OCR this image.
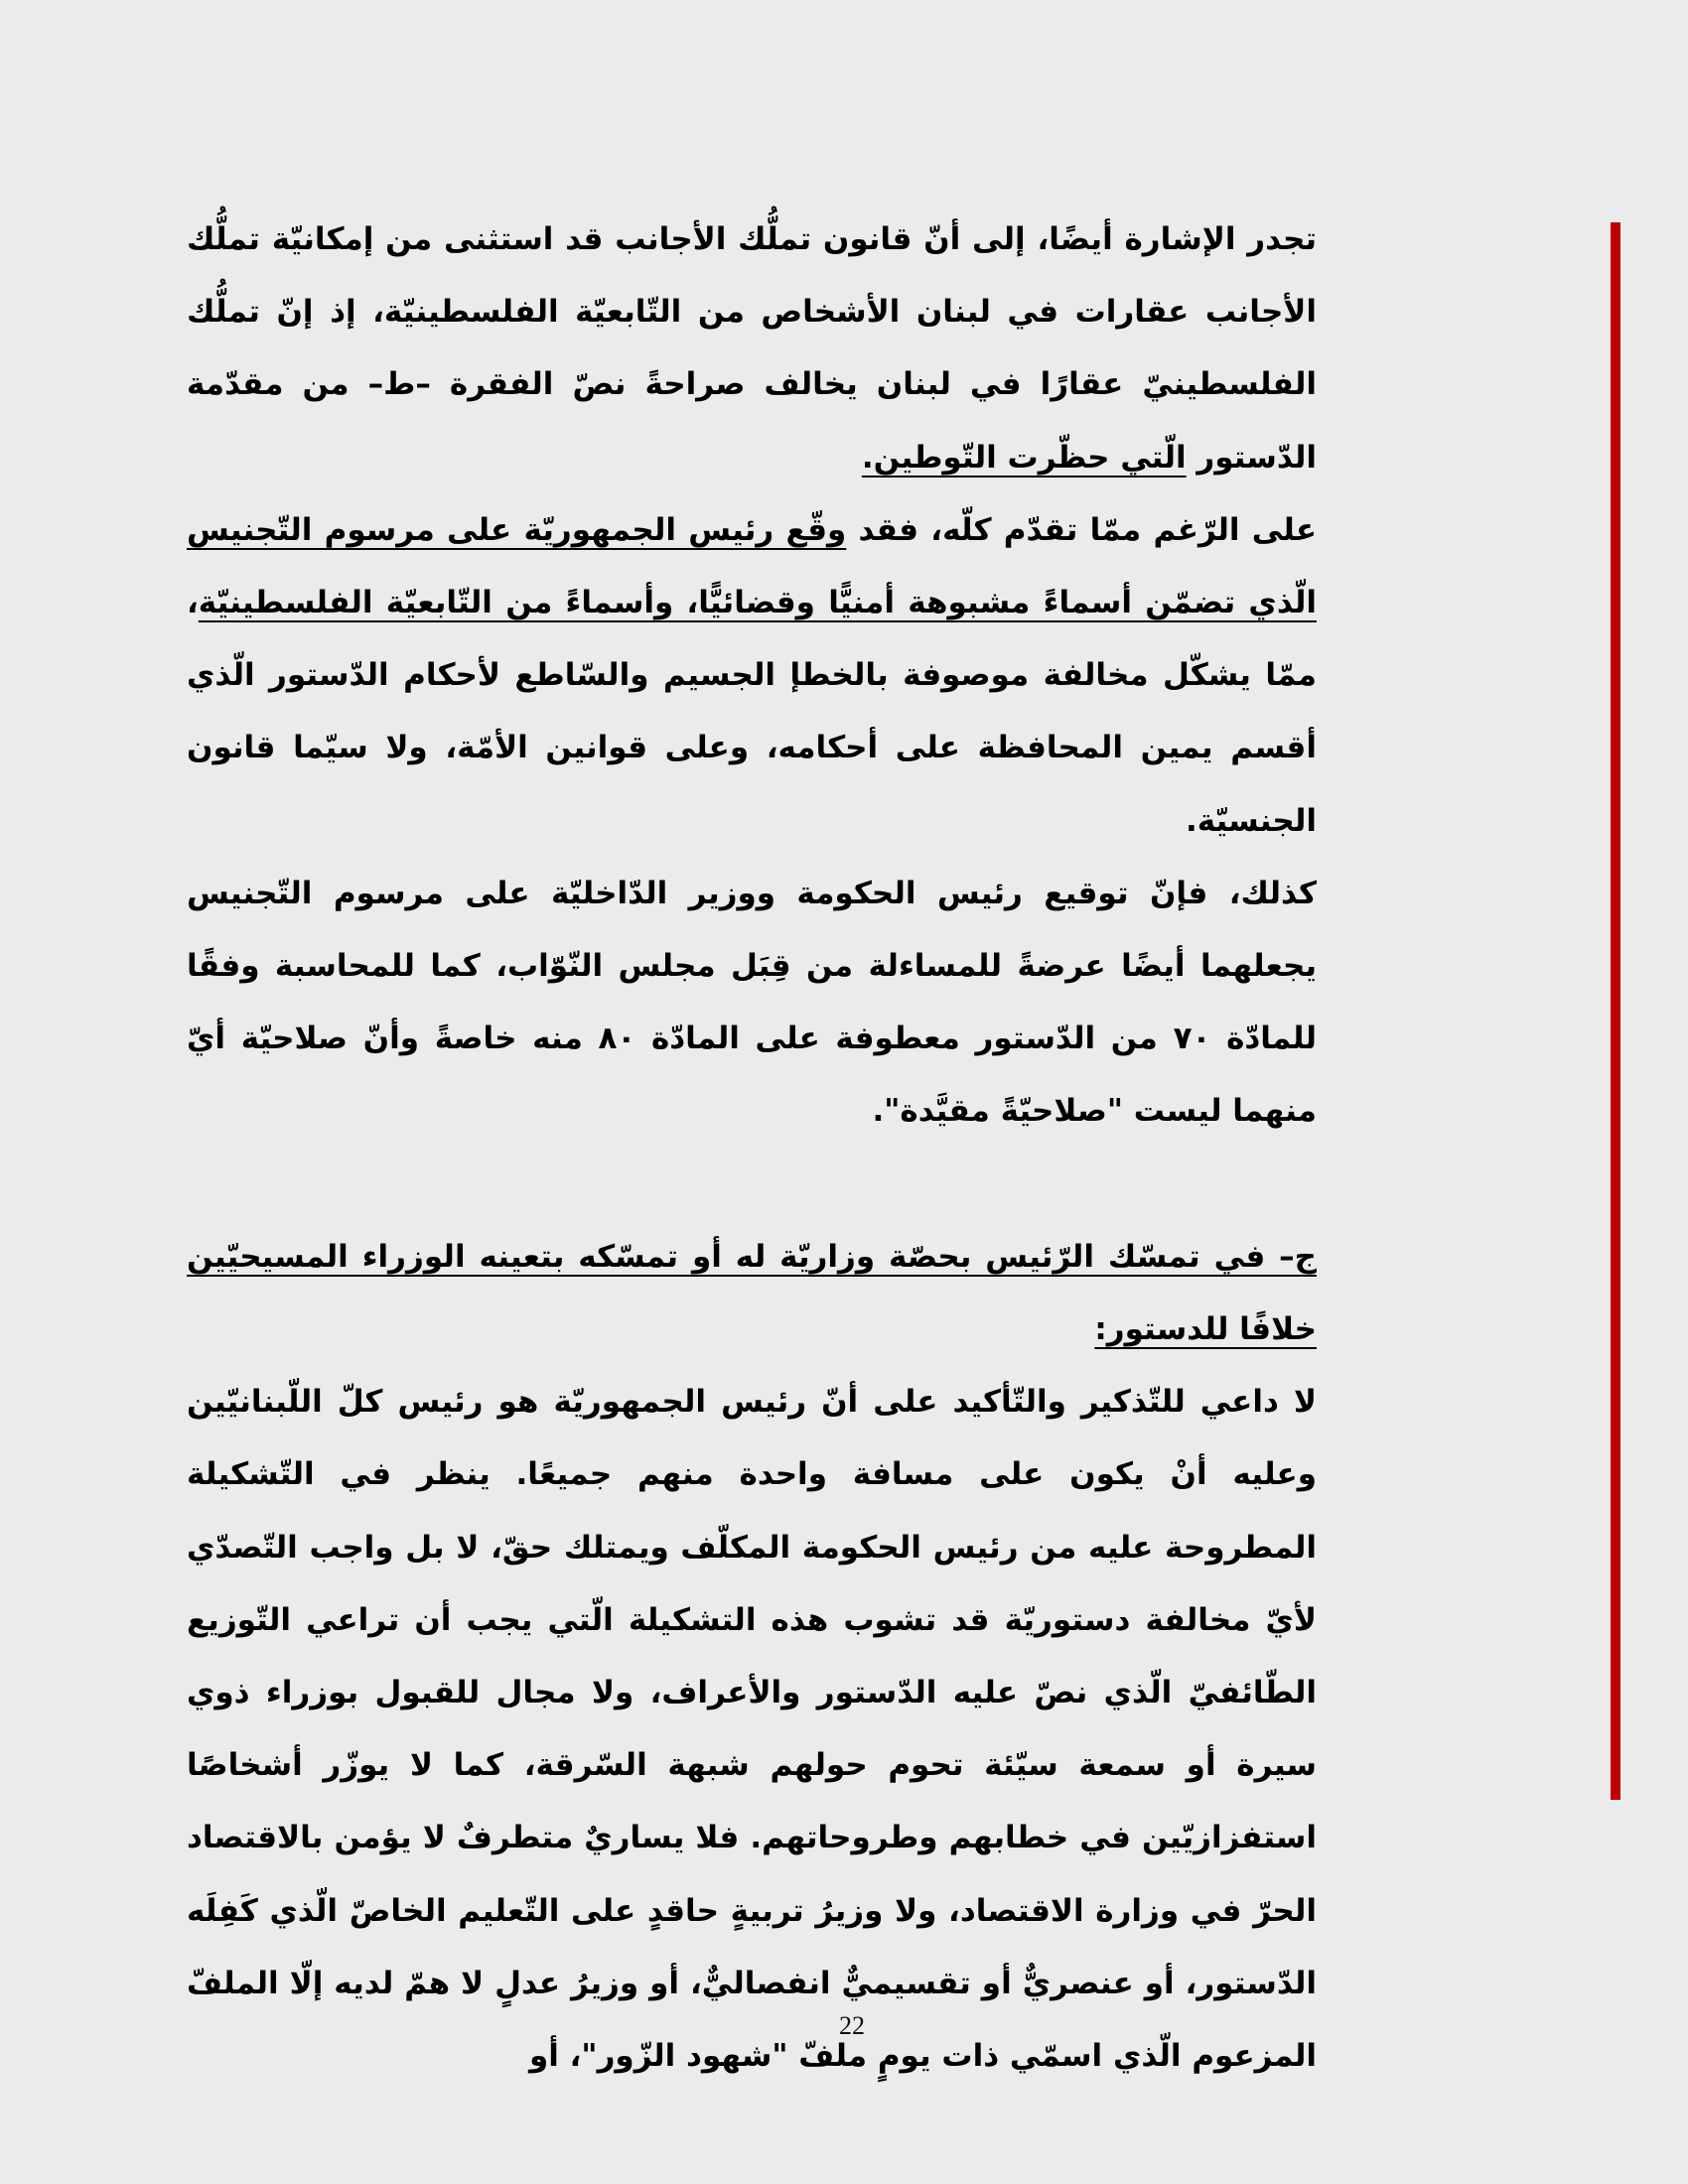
تجدر الإشارة أيضًا، إلى أنّ قانون تملُّك الأجانب قد استثنى من إمكانيّة تملُّك الأجانب عقارات في لبنان الأشخاص من التّابعيّة الفلسطينيّة، إذ إنّ تملُّك الفلسطينيّ عقارًا في لبنان يخالف صراحةً نصّ الفقرة –ط– من مقدّمة الدّستور الّتي حظّرت التّوطين.

على الرّغم ممّا تقدّم كلّه، فقد وقّع رئيس الجمهوريّة على مرسوم التّجنيس الّذي تضمّن أسماءً مشبوهة أمنيًّا وقضائيًّا، وأسماءً من التّابعيّة الفلسطينيّة، ممّا يشكّل مخالفة موصوفة بالخطإ الجسيم والسّاطع لأحكام الدّستور الّذي أقسم يمين المحافظة على أحكامه، وعلى قوانين الأمّة، ولا سيّما قانون الجنسيّة.

كذلك، فإنّ توقيع رئيس الحكومة ووزير الدّاخليّة على مرسوم التّجنيس يجعلهما أيضًا عرضةً للمساءلة من قِبَل مجلس النّوّاب، كما للمحاسبة وفقًا للمادّة ٧٠ من الدّستور معطوفة على المادّة ٨٠ منه خاصةً وأنّ صلاحيّة أيّ منهما ليست "صلاحيّةً مقيَّدة".

ج– في تمسّك الرّئيس بحصّة وزاريّة له أو تمسّكه بتعينه الوزراء المسيحيّين خلافًا للدستور:

لا داعي للتّذكير والتّأكيد على أنّ رئيس الجمهوريّة هو رئيس كلّ اللّبنانيّين وعليه أنْ يكون على مسافة واحدة منهم جميعًا. ينظر في التّشكيلة المطروحة عليه من رئيس الحكومة المكلّف ويمتلك حقّ، لا بل واجب التّصدّي لأيّ مخالفة دستوريّة قد تشوب هذه التشكيلة الّتي يجب أن تراعي التّوزيع الطّائفيّ الّذي نصّ عليه الدّستور والأعراف، ولا مجال للقبول بوزراء ذوي سيرة أو سمعة سيّئة تحوم حولهم شبهة السّرقة، كما لا يوزّر أشخاصًا استفزازيّين في خطابهم وطروحاتهم. فلا يساريٌ متطرفٌ لا يؤمن بالاقتصاد الحرّ في وزارة الاقتصاد، ولا وزيرُ تربيةٍ حاقدٍ على التّعليم الخاصّ الّذي كَفِلَه الدّستور، أو عنصريٌّ أو تقسيميٌّ انفصاليٌّ، أو وزيرُ عدلٍ لا همّ لديه إلّا الملفّ المزعوم الّذي اسمّي ذات يومٍ ملفّ "شهود الزّور"، أو

22
